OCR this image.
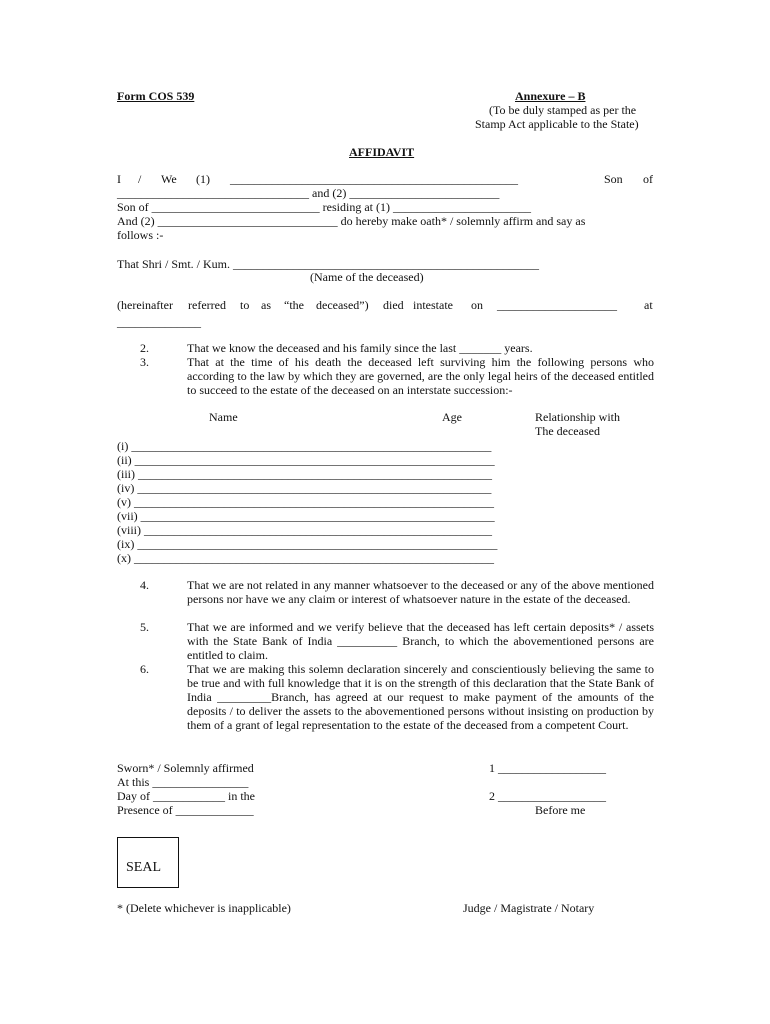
Form COS 539	Annexure – B
(To be duly stamped as per the
Stamp Act applicable to the State)
AFFIDAVIT
I / We (1) ________________________________________________	Son of
________________________________ and (2) _________________________
Son of ____________________________ residing at (1) _______________________
And (2) ______________________________ do hereby make oath* / solemnly affirm and say as
follows :-
That Shri / Smt. / Kum. ___________________________________________________
(Name of the deceased)
(hereinafter referred to as “the deceased”) died intestate on ____________________ at
______________
2.	That we know the deceased and his family since the last _______ years.
3.	That at the time of his death the deceased left surviving him the following persons who according to the law by which they are governed, are the only legal heirs of the deceased entitled to succeed to the estate of the deceased on an interstate succession:-
Name	Age	Relationship with
The deceased
(i) ____________________________________________________________
(ii) ____________________________________________________________
(iii) ___________________________________________________________
(iv) ___________________________________________________________
(v) ____________________________________________________________
(vii) ___________________________________________________________
(viii) __________________________________________________________
(ix) ____________________________________________________________
(x) ____________________________________________________________
4.	That we are not related in any manner whatsoever to the deceased or any of the above mentioned persons nor have we any claim or interest of whatsoever nature in the estate of the deceased.
5.	That we are informed and we verify believe that the deceased has left certain deposits* / assets with the State Bank of India __________ Branch, to which the abovementioned persons are entitled to claim.
6.	That we are making this solemn declaration sincerely and conscientiously believing the same to be true and with full knowledge that it is on the strength of this declaration that the State Bank of India _________Branch, has agreed at our request to make payment of the amounts of the deposits / to deliver the assets to the abovementioned persons without insisting on production by them of a grant of legal representation to the estate of the deceased from a competent Court.
Sworn* / Solemnly affirmed
At this ________________
Day of ____________ in the
Presence of _____________
1 __________________
2 __________________
Before me
SEAL
* (Delete whichever is inapplicable)	Judge / Magistrate / Notary
